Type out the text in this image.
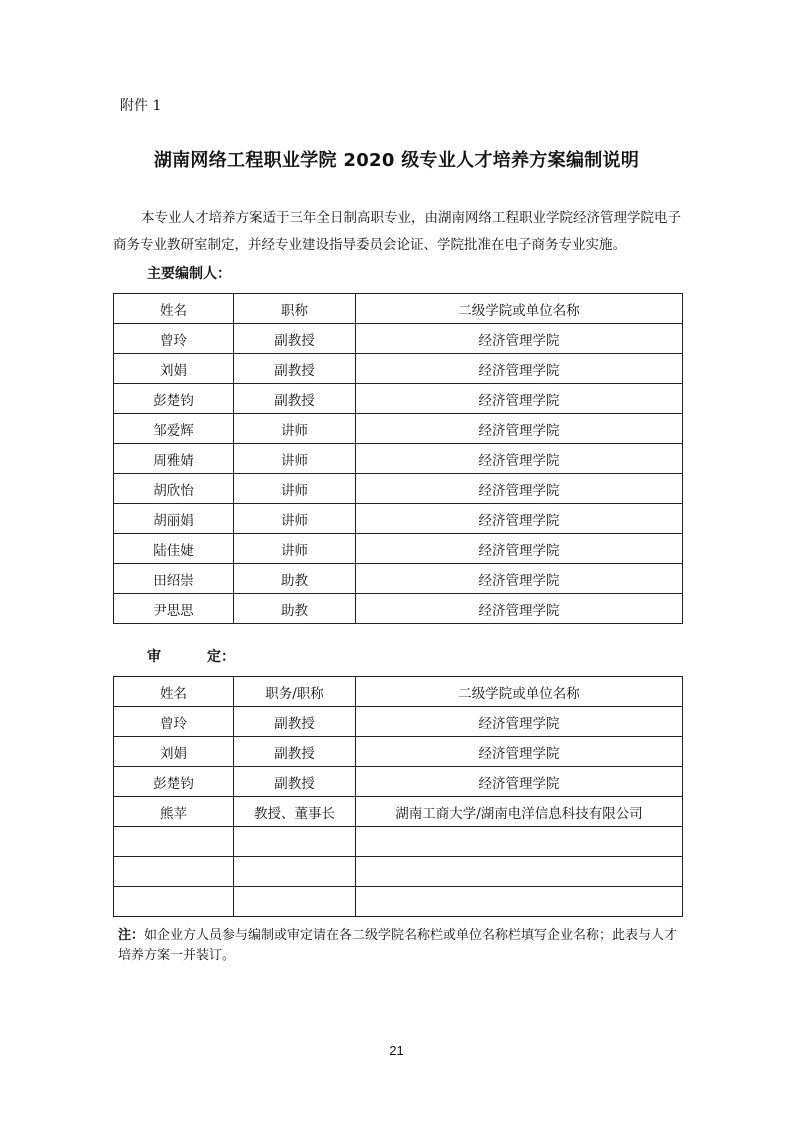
附件 1
湖南网络工程职业学院 2020 级专业人才培养方案编制说明
本专业人才培养方案适于三年全日制高职专业，由湖南网络工程职业学院经济管理学院电子商务专业教研室制定，并经专业建设指导委员会论证、学院批准在电子商务专业实施。
主要编制人：
姓名	职称	二级学院或单位名称
曾玲	副教授	经济管理学院
刘娟	副教授	经济管理学院
彭楚钧	副教授	经济管理学院
邹爱辉	讲师	经济管理学院
周雅婧	讲师	经济管理学院
胡欣怡	讲师	经济管理学院
胡丽娟	讲师	经济管理学院
陆佳婕	讲师	经济管理学院
田绍崇	助教	经济管理学院
尹思思	助教	经济管理学院
审	定：
姓名	职务/职称	二级学院或单位名称
曾玲	副教授	经济管理学院
刘娟	副教授	经济管理学院
彭楚钧	副教授	经济管理学院
熊苹	教授、董事长	湖南工商大学/湖南电洋信息科技有限公司

注：如企业方人员参与编制或审定请在各二级学院名称栏或单位名称栏填写企业名称；此表与人才培养方案一并装订。
21
